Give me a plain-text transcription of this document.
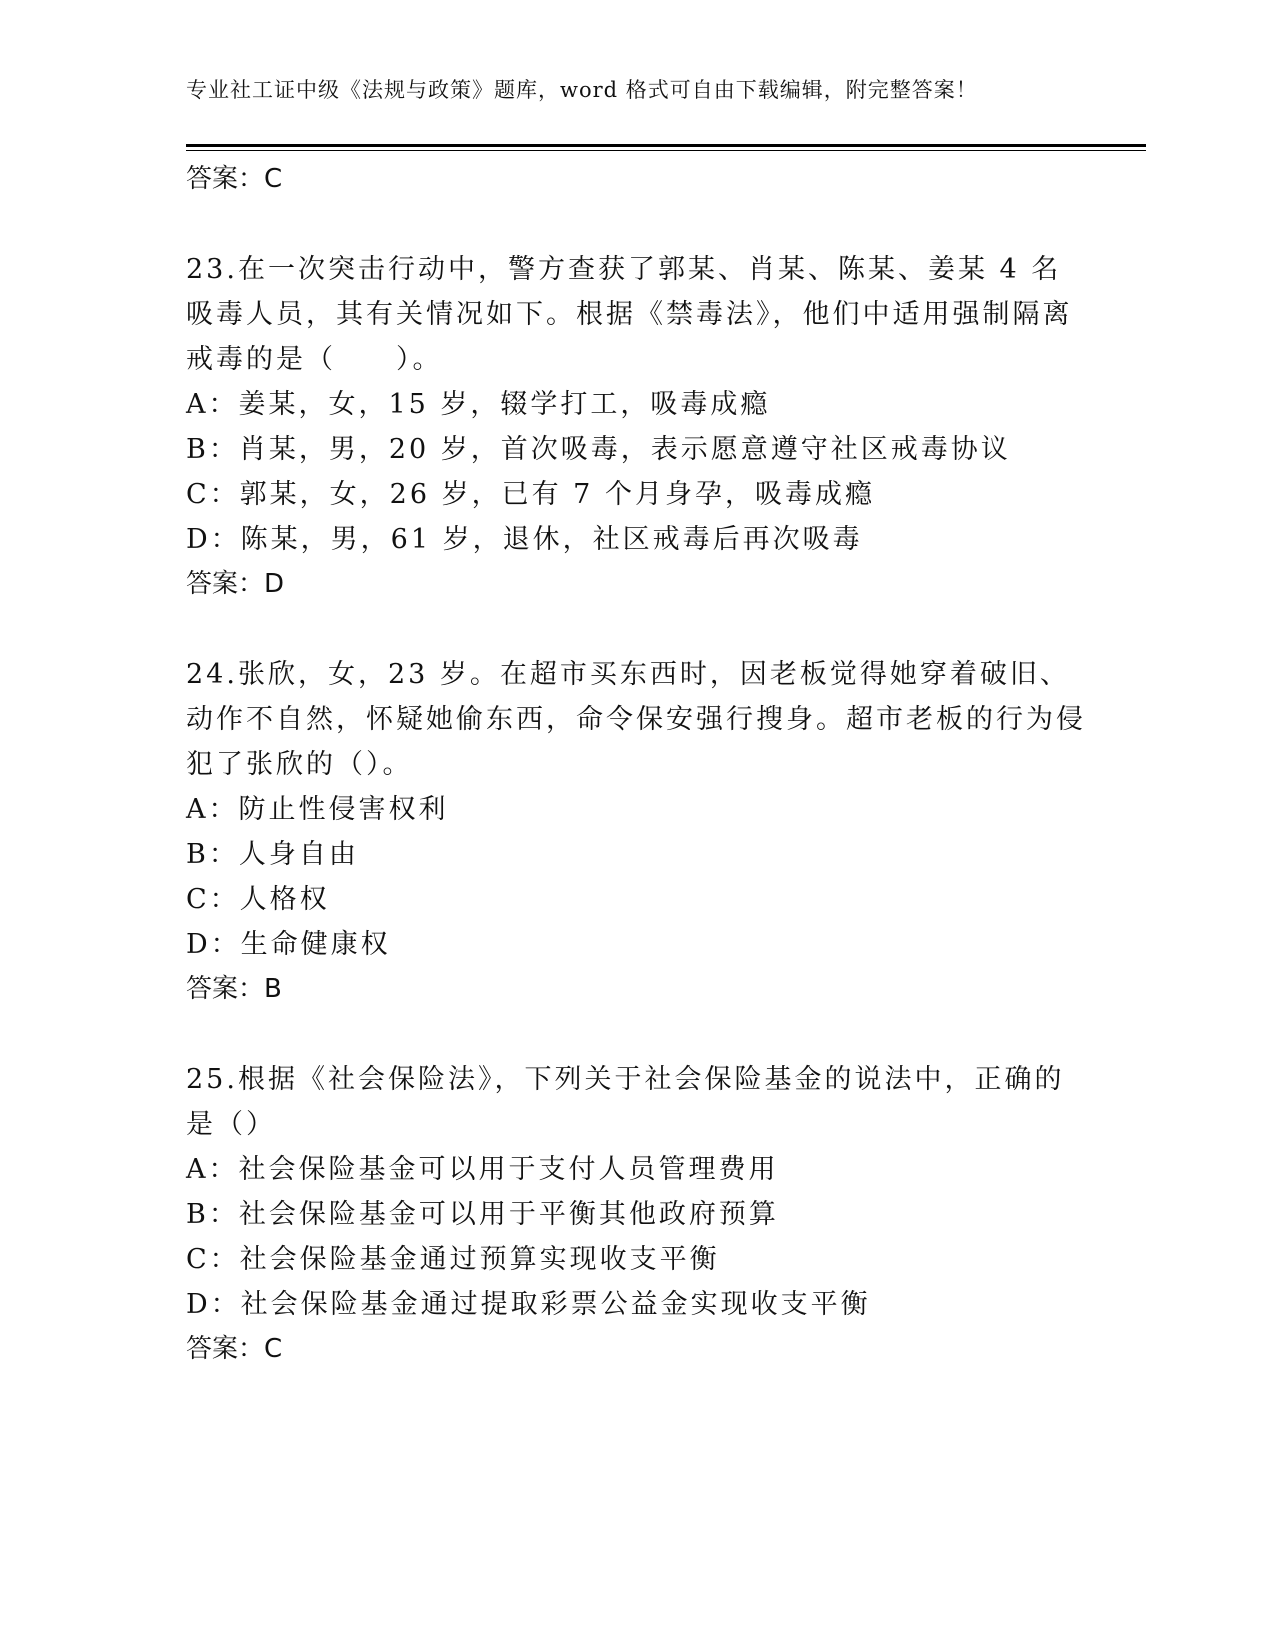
专业社工证中级《法规与政策》题库，word 格式可自由下载编辑，附完整答案！
答案：C
23.在一次突击行动中，警方查获了郭某、肖某、陈某、姜某 4 名吸毒人员，其有关情况如下。根据《禁毒法》，他们中适用强制隔离戒毒的是（　　）。
A：姜某，女，15 岁，辍学打工，吸毒成瘾
B：肖某，男，20 岁，首次吸毒，表示愿意遵守社区戒毒协议
C：郭某，女，26 岁，已有 7 个月身孕，吸毒成瘾
D：陈某，男，61 岁，退休，社区戒毒后再次吸毒
答案：D
24.张欣，女，23 岁。在超市买东西时，因老板觉得她穿着破旧、动作不自然，怀疑她偷东西，命令保安强行搜身。超市老板的行为侵犯了张欣的（）。
A：防止性侵害权利
B：人身自由
C：人格权
D：生命健康权
答案：B
25.根据《社会保险法》，下列关于社会保险基金的说法中，正确的是（）
A：社会保险基金可以用于支付人员管理费用
B：社会保险基金可以用于平衡其他政府预算
C：社会保险基金通过预算实现收支平衡
D：社会保险基金通过提取彩票公益金实现收支平衡
答案：C
